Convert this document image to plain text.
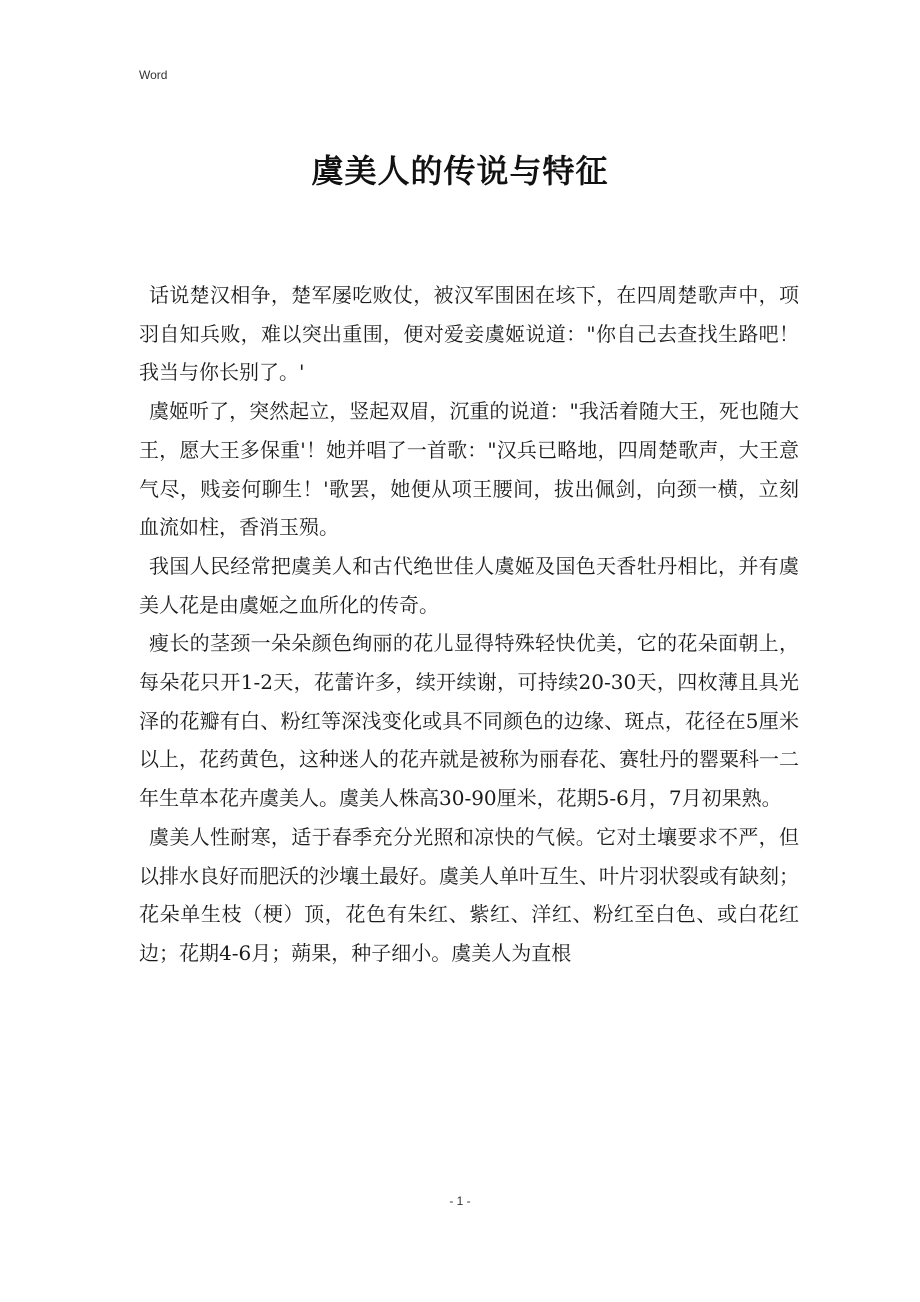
Word
虞美人的传说与特征

话说楚汉相争，楚军屡吃败仗，被汉军围困在垓下，在四周楚歌声中，项羽自知兵败，难以突出重围，便对爱妾虞姬说道："你自己去查找生路吧！我当与你长别了。'

虞姬听了，突然起立，竖起双眉，沉重的说道："我活着随大王，死也随大王，愿大王多保重'！她并唱了一首歌："汉兵已略地，四周楚歌声，大王意气尽，贱妾何聊生！'歌罢，她便从项王腰间，拔出佩剑，向颈一横，立刻血流如柱，香消玉殒。

我国人民经常把虞美人和古代绝世佳人虞姬及国色天香牡丹相比，并有虞美人花是由虞姬之血所化的传奇。

瘦长的茎颈一朵朵颜色绚丽的花儿显得特殊轻快优美，它的花朵面朝上，每朵花只开1-2天，花蕾许多，续开续谢，可持续20-30天，四枚薄且具光泽的花瓣有白、粉红等深浅变化或具不同颜色的边缘、斑点，花径在5厘米以上，花药黄色，这种迷人的花卉就是被称为丽春花、赛牡丹的罂粟科一二年生草本花卉虞美人。虞美人株高30-90厘米，花期5-6月，7月初果熟。

虞美人性耐寒，适于春季充分光照和凉快的气候。它对土壤要求不严，但以排水良好而肥沃的沙壤土最好。虞美人单叶互生、叶片羽状裂或有缺刻；花朵单生枝（梗）顶，花色有朱红、紫红、洋红、粉红至白色、或白花红边；花期4-6月；蒴果，种子细小。虞美人为直根

- 1 -
